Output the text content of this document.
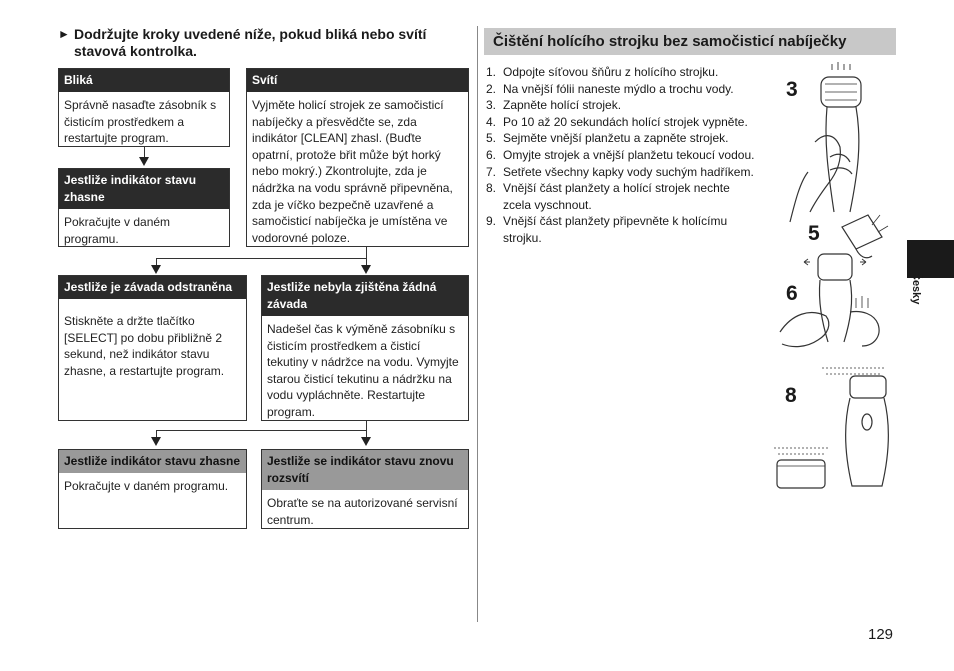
► Dodržujte kroky uvedené níže, pokud bliká nebo svítí stavová kontrolka.
Bliká
Správně nasaďte zásobník s čisticím prostředkem a restartujte program.
Svítí
Vyjměte holicí strojek ze samočisticí nabíječky a přesvědčte se, zda indikátor [CLEAN] zhasl. (Buďte opatrní, protože břit může být horký nebo mokrý.) Zkontrolujte, zda je nádržka na vodu správně připevněna, zda je víčko bezpečně uzavřené a samočisticí nabíječka je umístěna ve vodorovné poloze.
Jestliže indikátor stavu zhasne
Pokračujte v daném programu.
Jestliže je závada odstraněna
Stiskněte a držte tlačítko [SELECT] po dobu přibližně 2 sekund, než indikátor stavu zhasne, a restartujte program.
Jestliže nebyla zjištěna žádná závada
Nadešel čas k výměně zásobníku s čisticím prostředkem a čisticí tekutiny v nádržce na vodu. Vymyjte starou čisticí tekutinu a nádržku na vodu vypláchněte. Restartujte program.
Jestliže indikátor stavu zhasne
Pokračujte v daném programu.
Jestliže se indikátor stavu znovu rozsvítí
Obraťte se na autorizované servisní centrum.
Čištění holícího strojku bez samočisticí nabíječky
1. Odpojte síťovou šňůru z holícího strojku.
2. Na vnější fólii naneste mýdlo a trochu vody.
3. Zapněte holící strojek.
4. Po 10 až 20 sekundách holící strojek vypněte.
5. Sejměte vnější planžetu a zapněte strojek.
6. Omyjte strojek a vnější planžetu tekoucí vodou.
7. Setřete všechny kapky vody suchým hadříkem.
8. Vnější část planžety a holící strojek nechte zcela vyschnout.
9. Vnější část planžety připevněte k holícímu strojku.
3
5
6
8
Česky
129
